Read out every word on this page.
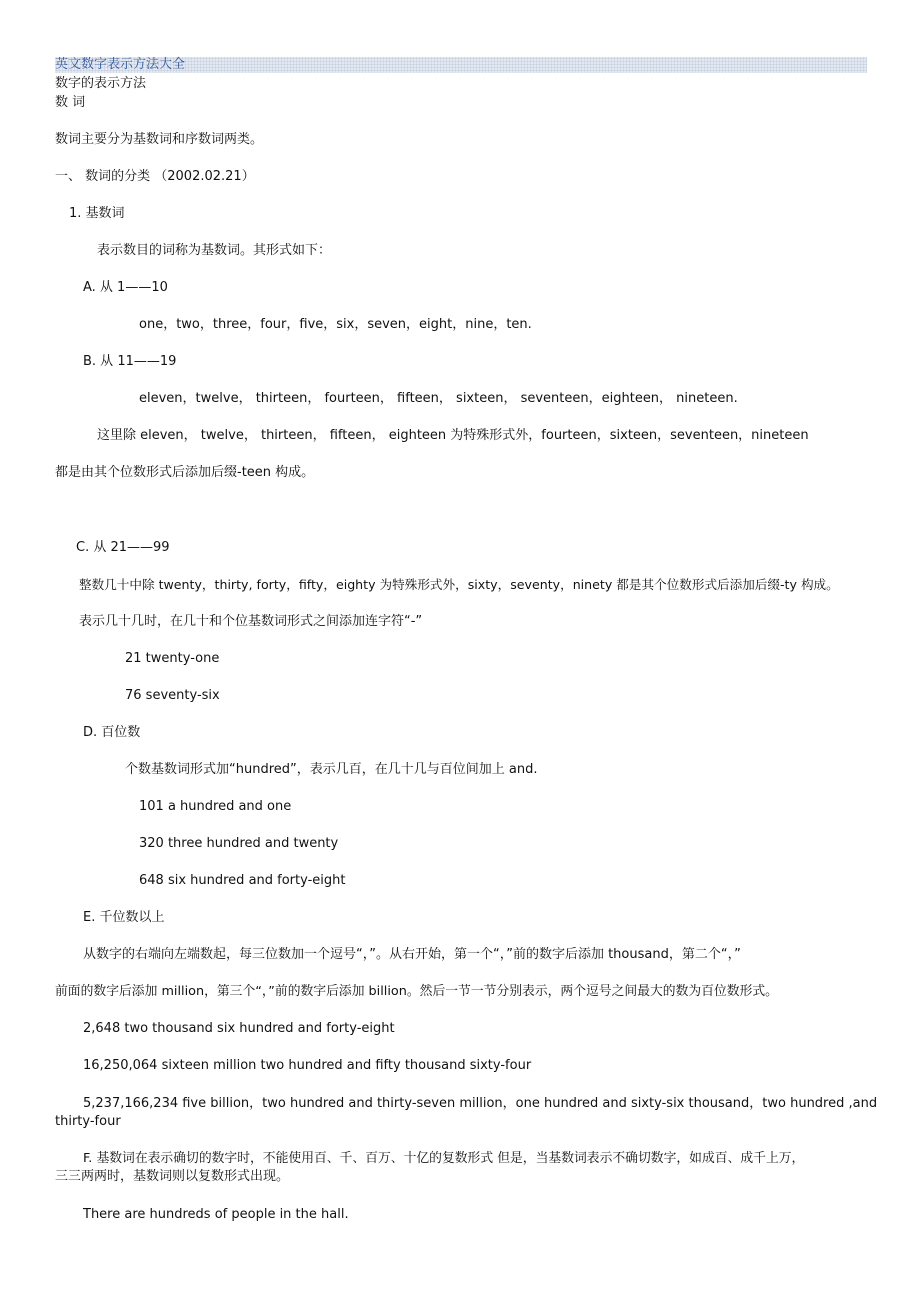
英文数字表示方法大全
数字的表示方法
数 词
数词主要分为基数词和序数词两类。
一、 数词的分类 （2002.02.21）
1. 基数词
表示数目的词称为基数词。其形式如下：
A. 从 1——10
one，two，three，four，five，six，seven，eight，nine，ten.
B. 从 11——19
eleven，twelve， thirteen， fourteen， fifteen， sixteen， seventeen，eighteen， nineteen.
这里除 eleven， twelve， thirteen， fifteen， eighteen 为特殊形式外，fourteen，sixteen，seventeen，nineteen
都是由其个位数形式后添加后缀-teen 构成。
C. 从 21——99
整数几十中除 twenty，thirty, forty，fifty，eighty 为特殊形式外，sixty，seventy，ninety 都是其个位数形式后添加后缀-ty 构成。
表示几十几时，在几十和个位基数词形式之间添加连字符“-”
21 twenty-one
76 seventy-six
D. 百位数
个数基数词形式加“hundred”，表示几百，在几十几与百位间加上 and.
101 a hundred and one
320 three hundred and twenty
648 six hundred and forty-eight
E. 千位数以上
从数字的右端向左端数起，每三位数加一个逗号“，”。从右开始，第一个“，”前的数字后添加 thousand，第二个“，”
前面的数字后添加 million，第三个“，”前的数字后添加 billion。然后一节一节分别表示，两个逗号之间最大的数为百位数形式。
2,648 two thousand six hundred and forty-eight
16,250,064 sixteen million two hundred and fifty thousand sixty-four
5,237,166,234 five billion，two hundred and thirty-seven million，one hundred and sixty-six thousand，two hundred ,and
thirty-four
F. 基数词在表示确切的数字时，不能使用百、千、百万、十亿的复数形式 但是，当基数词表示不确切数字，如成百、成千上万，
三三两两时，基数词则以复数形式出现。
There are hundreds of people in the hall.
